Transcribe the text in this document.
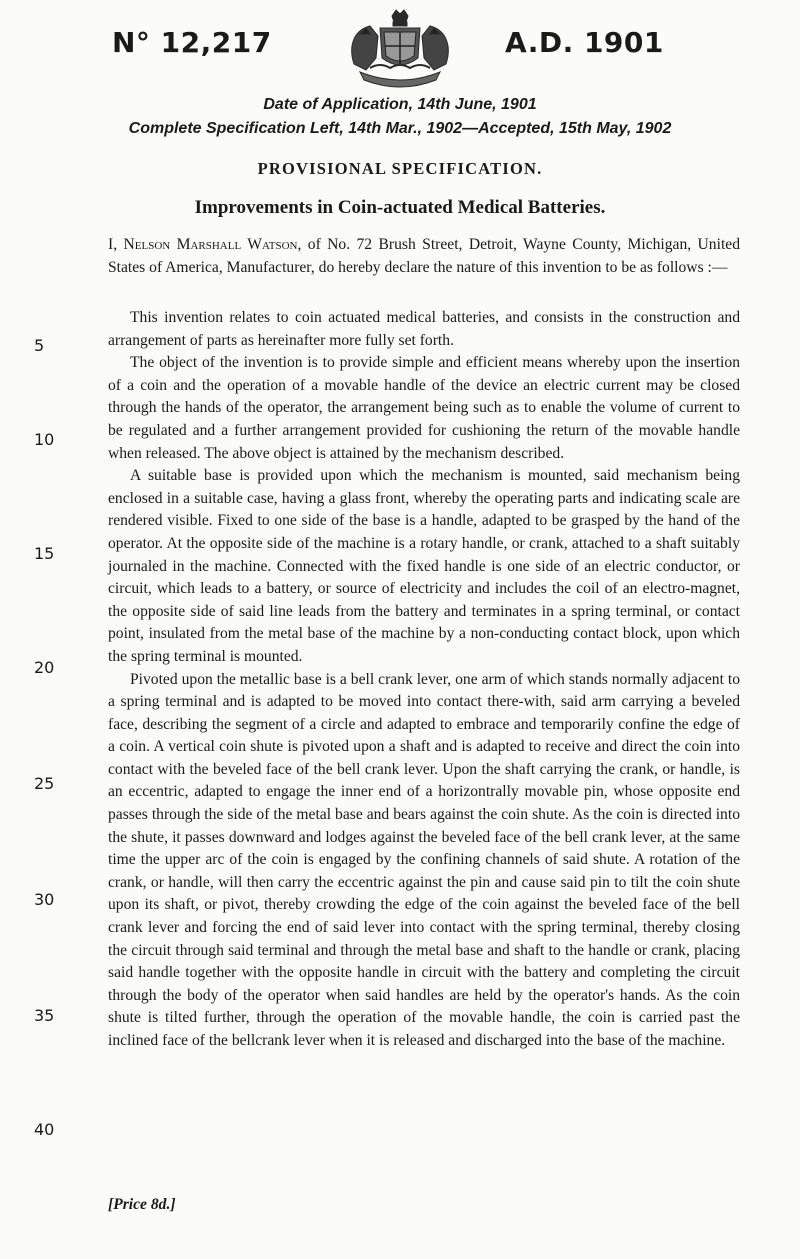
N° 12,217	A.D. 1901
Date of Application, 14th June, 1901
Complete Specification Left, 14th Mar., 1902—Accepted, 15th May, 1902
PROVISIONAL SPECIFICATION.
Improvements in Coin-actuated Medical Batteries.

I, Nelson Marshall Watson, of No. 72 Brush Street, Detroit, Wayne County, Michigan, United States of America, Manufacturer, do hereby declare the nature of this invention to be as follows :—

This invention relates to coin actuated medical batteries, and consists in the construction and arrangement of parts as hereinafter more fully set forth.

The object of the invention is to provide simple and efficient means whereby upon the insertion of a coin and the operation of a movable handle of the device an electric current may be closed through the hands of the operator, the arrangement being such as to enable the volume of current to be regulated and a further arrangement provided for cushioning the return of the movable handle when released. The above object is attained by the mechanism described.

A suitable base is provided upon which the mechanism is mounted, said mechanism being enclosed in a suitable case, having a glass front, whereby the operating parts and indicating scale are rendered visible. Fixed to one side of the base is a handle, adapted to be grasped by the hand of the operator. At the opposite side of the machine is a rotary handle, or crank, attached to a shaft suitably journaled in the machine. Connected with the fixed handle is one side of an electric conductor, or circuit, which leads to a battery, or source of electricity and includes the coil of an electro-magnet, the opposite side of said line leads from the battery and terminates in a spring terminal, or contact point, insulated from the metal base of the machine by a non-conducting contact block, upon which the spring terminal is mounted.

Pivoted upon the metallic base is a bell crank lever, one arm of which stands normally adjacent to a spring terminal and is adapted to be moved into contact there-with, said arm carrying a beveled face, describing the segment of a circle and adapted to embrace and temporarily confine the edge of a coin. A vertical coin shute is pivoted upon a shaft and is adapted to receive and direct the coin into contact with the beveled face of the bell crank lever. Upon the shaft carrying the crank, or handle, is an eccentric, adapted to engage the inner end of a horizontrally movable pin, whose opposite end passes through the side of the metal base and bears against the coin shute. As the coin is directed into the shute, it passes downward and lodges against the beveled face of the bell crank lever, at the same time the upper arc of the coin is engaged by the confining channels of said shute. A rotation of the crank, or handle, will then carry the eccentric against the pin and cause said pin to tilt the coin shute upon its shaft, or pivot, thereby crowding the edge of the coin against the beveled face of the bell crank lever and forcing the end of said lever into contact with the spring terminal, thereby closing the circuit through said terminal and through the metal base and shaft to the handle or crank, placing said handle together with the opposite handle in circuit with the battery and completing the circuit through the body of the operator when said handles are held by the operator's hands. As the coin shute is tilted further, through the operation of the movable handle, the coin is carried past the inclined face of the bellcrank lever when it is released and discharged into the base of the machine.

5
10
15
20
25
30
35
40
[Price 8d.]
